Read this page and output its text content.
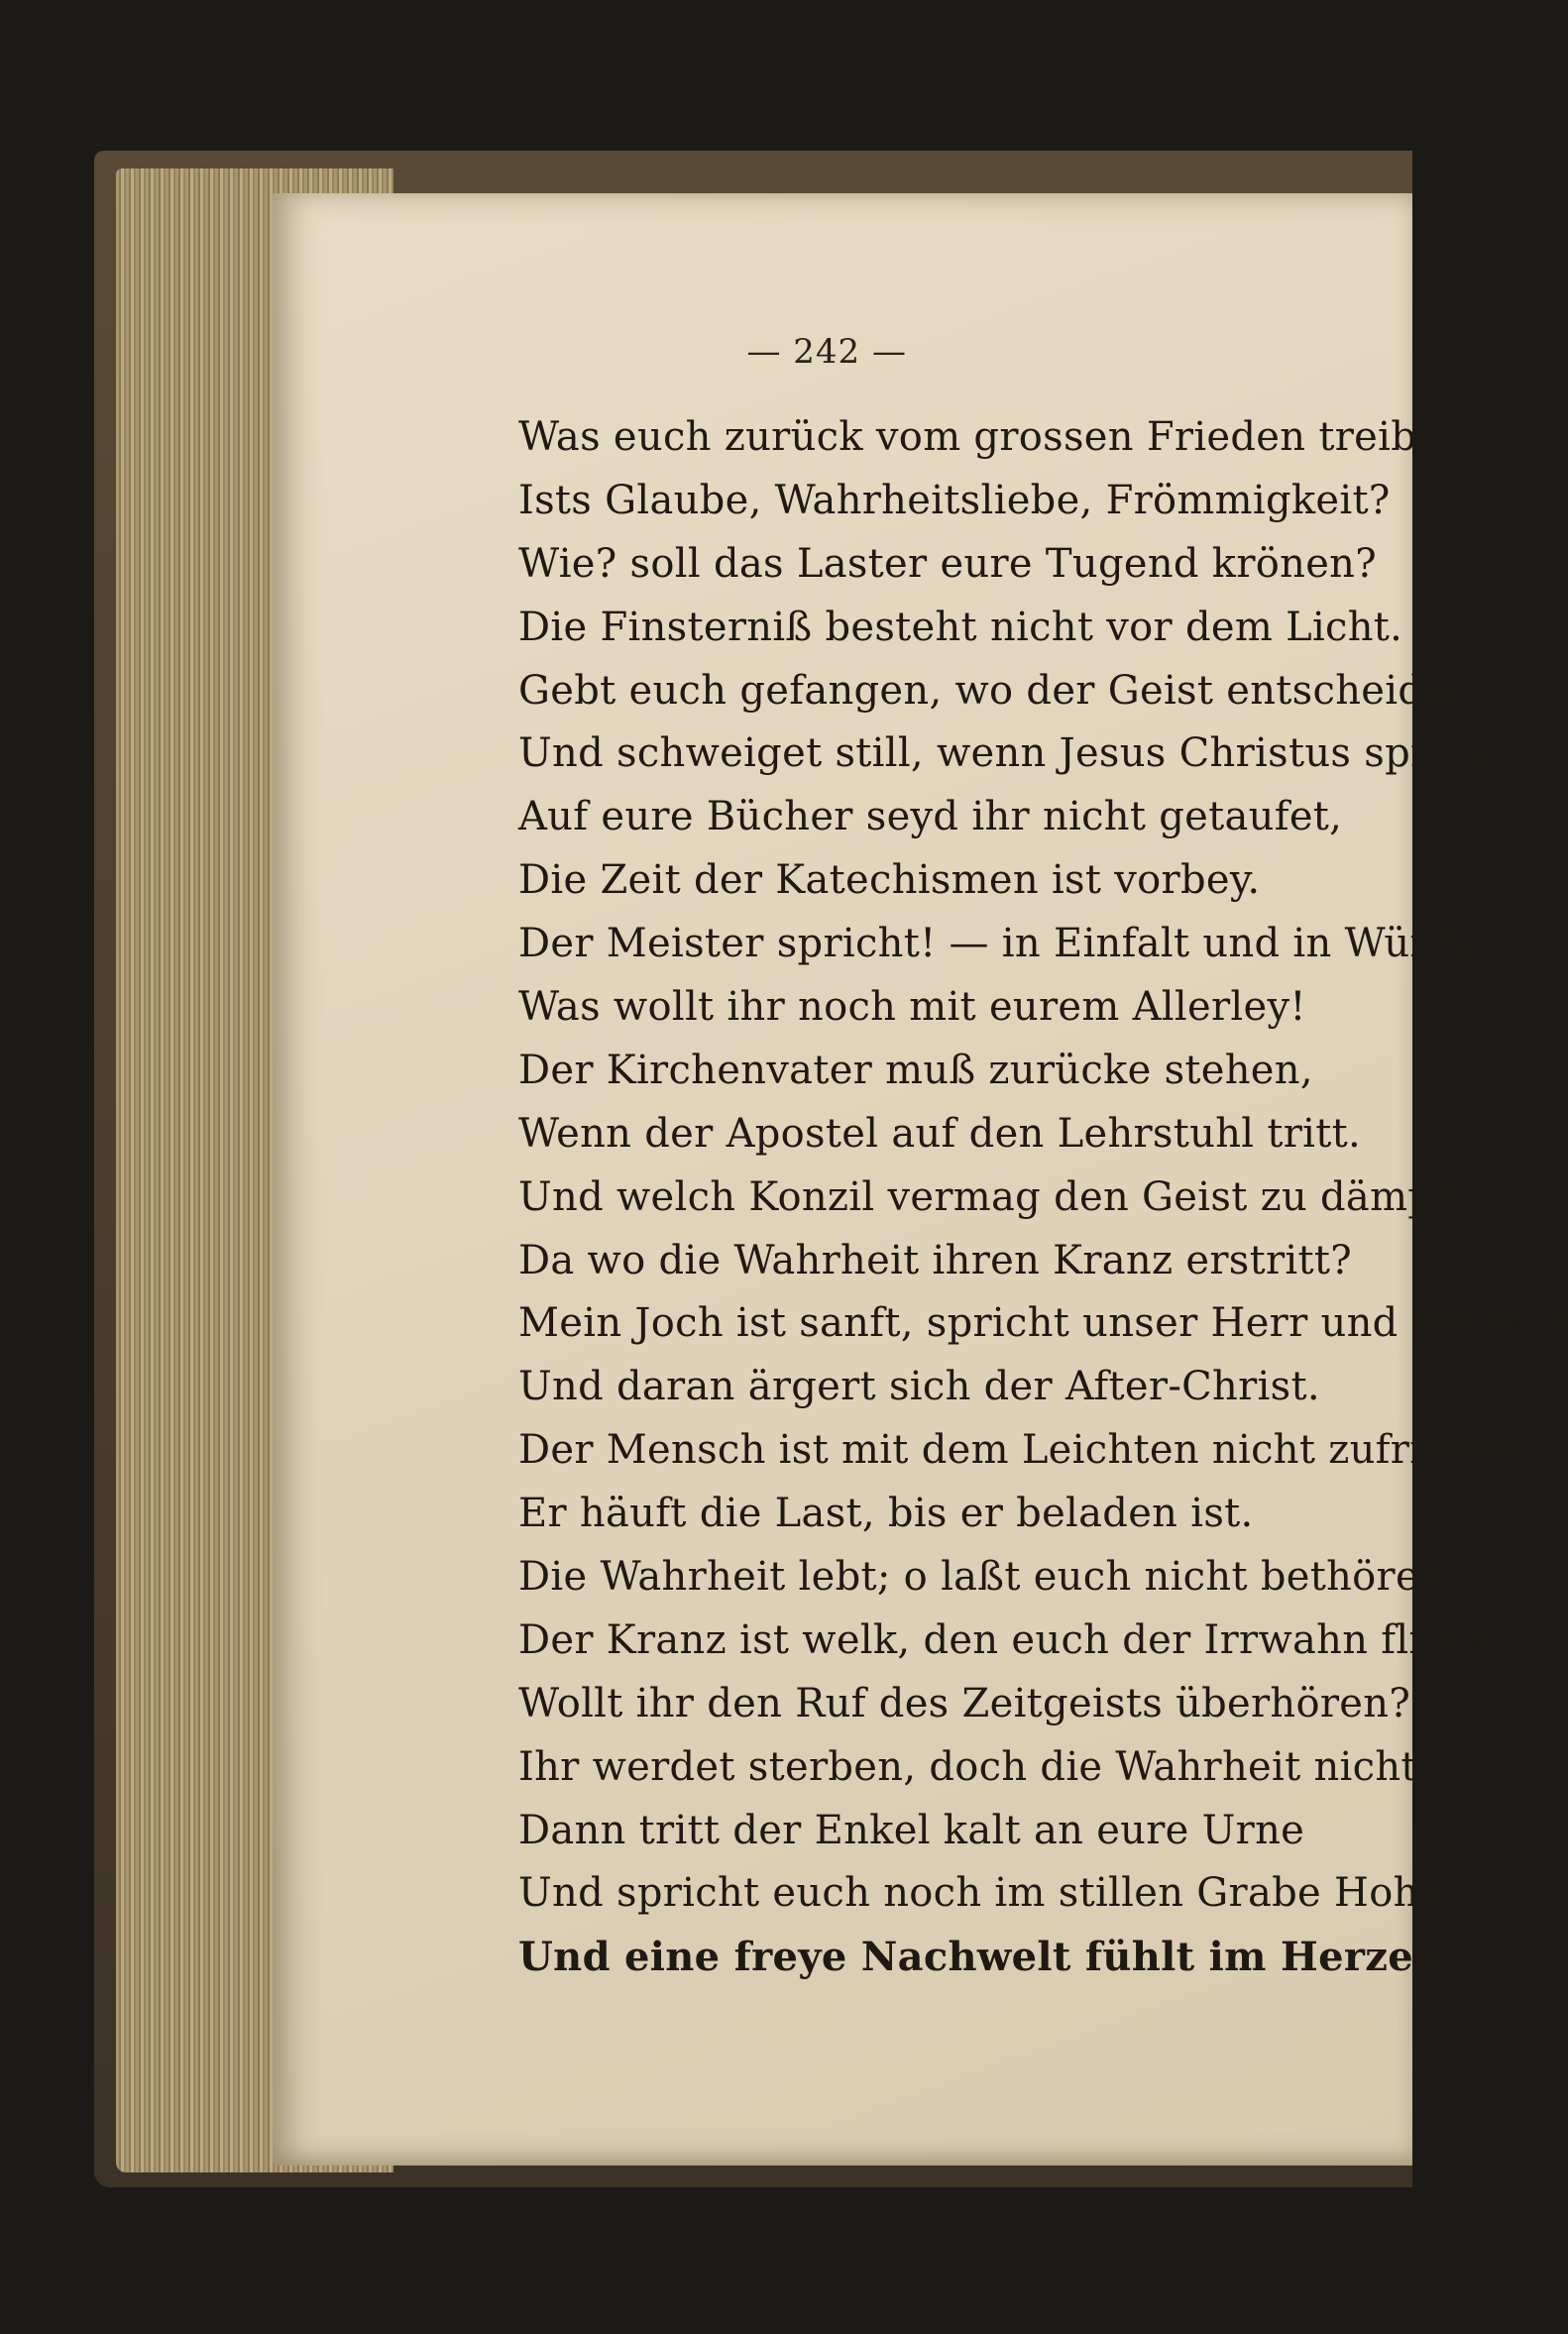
— 242 —
Was euch zurück vom grossen Frieden treibet?
Ists Glaube, Wahrheitsliebe, Frömmigkeit?
Wie? soll das Laster eure Tugend krönen?
Die Finsterniß besteht nicht vor dem Licht.
Gebt euch gefangen, wo der Geist entscheidet
Und schweiget still, wenn Jesus Christus spricht.
Auf eure Bücher seyd ihr nicht getaufet,
Die Zeit der Katechismen ist vorbey.
Der Meister spricht! — in Einfalt und in Würde.
Was wollt ihr noch mit eurem Allerley!
Der Kirchenvater muß zurücke stehen,
Wenn der Apostel auf den Lehrstuhl tritt.
Und welch Konzil vermag den Geist zu dämpfen,
Da wo die Wahrheit ihren Kranz erstritt?
Mein Joch ist sanft, spricht unser Herr und Meister
Und daran ärgert sich der After-Christ.
Der Mensch ist mit dem Leichten nicht zufrieden,
Er häuft die Last, bis er beladen ist.
Die Wahrheit lebt; o laßt euch nicht bethören,
Der Kranz ist welk, den euch der Irrwahn flicht.
Wollt ihr den Ruf des Zeitgeists überhören?
Ihr werdet sterben, doch die Wahrheit nicht.
Dann tritt der Enkel kalt an eure Urne
Und spricht euch noch im stillen Grabe Hohn.
Und eine freye Nachwelt fühlt im Herzen:
